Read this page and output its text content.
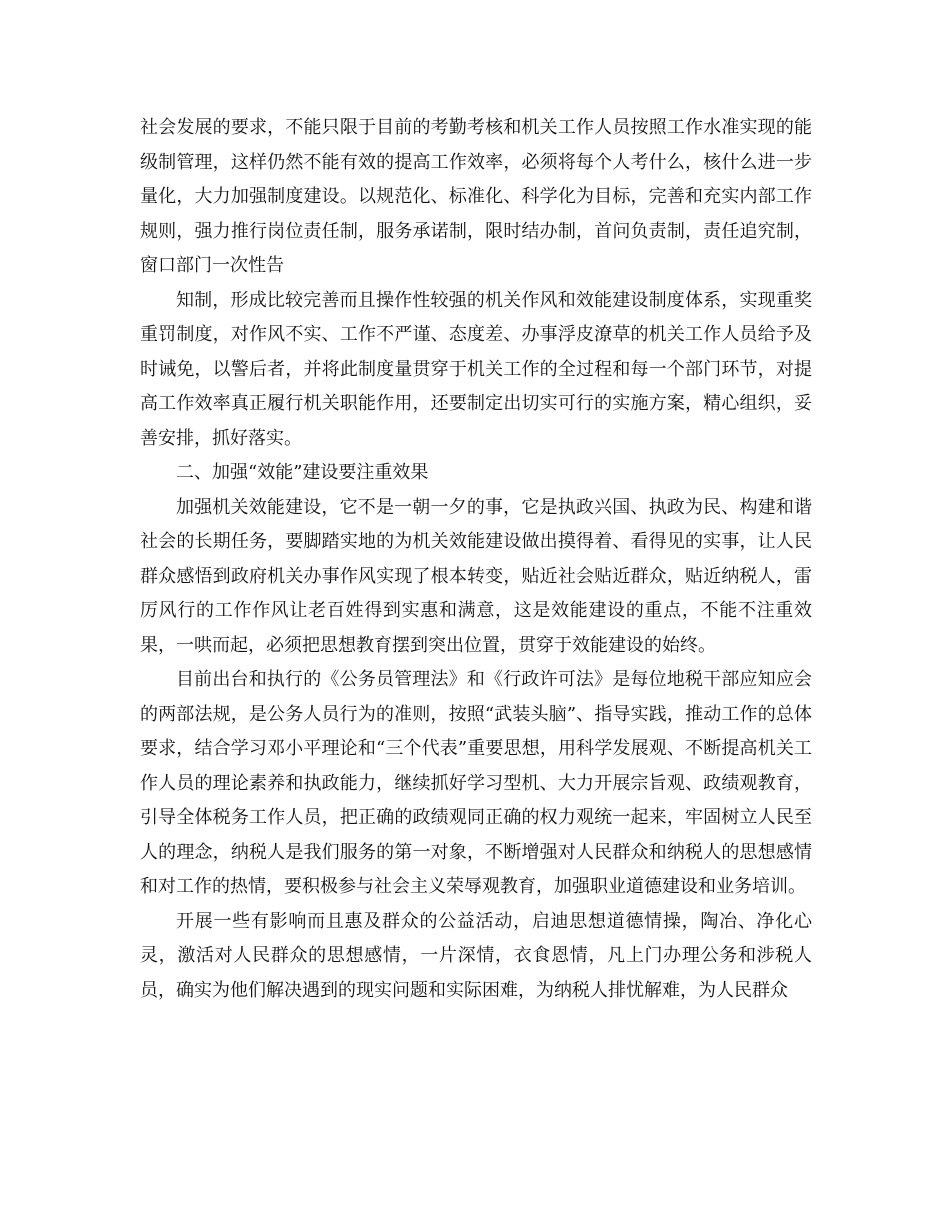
社会发展的要求，不能只限于目前的考勤考核和机关工作人员按照工作水准实现的能级制管理，这样仍然不能有效的提高工作效率，必须将每个人考什么，核什么进一步量化，大力加强制度建设。以规范化、标准化、科学化为目标，完善和充实内部工作规则，强力推行岗位责任制，服务承诺制，限时结办制，首问负责制，责任追究制，窗口部门一次性告

知制，形成比较完善而且操作性较强的机关作风和效能建设制度体系，实现重奖重罚制度，对作风不实、工作不严谨、态度差、办事浮皮潦草的机关工作人员给予及时诫免，以警后者，并将此制度量贯穿于机关工作的全过程和每一个部门环节，对提高工作效率真正履行机关职能作用，还要制定出切实可行的实施方案，精心组织，妥善安排，抓好落实。

二、加强“效能”建设要注重效果

加强机关效能建设，它不是一朝一夕的事，它是执政兴国、执政为民、构建和谐社会的长期任务，要脚踏实地的为机关效能建设做出摸得着、看得见的实事，让人民群众感悟到政府机关办事作风实现了根本转变，贴近社会贴近群众，贴近纳税人，雷厉风行的工作作风让老百姓得到实惠和满意，这是效能建设的重点，不能不注重效果，一哄而起，必须把思想教育摆到突出位置，贯穿于效能建设的始终。

目前出台和执行的《公务员管理法》和《行政许可法》是每位地税干部应知应会的两部法规，是公务人员行为的准则，按照“武装头脑”、指导实践，推动工作的总体要求，结合学习邓小平理论和“三个代表”重要思想，用科学发展观、不断提高机关工作人员的理论素养和执政能力，继续抓好学习型机、大力开展宗旨观、政绩观教育，引导全体税务工作人员，把正确的政绩观同正确的权力观统一起来，牢固树立人民至人的理念，纳税人是我们服务的第一对象，不断增强对人民群众和纳税人的思想感情和对工作的热情，要积极参与社会主义荣辱观教育，加强职业道德建设和业务培训。

开展一些有影响而且惠及群众的公益活动，启迪思想道德情操，陶冶、净化心灵，激活对人民群众的思想感情，一片深情，衣食恩情，凡上门办理公务和涉税人员，确实为他们解决遇到的现实问题和实际困难，为纳税人排忧解难，为人民群众
